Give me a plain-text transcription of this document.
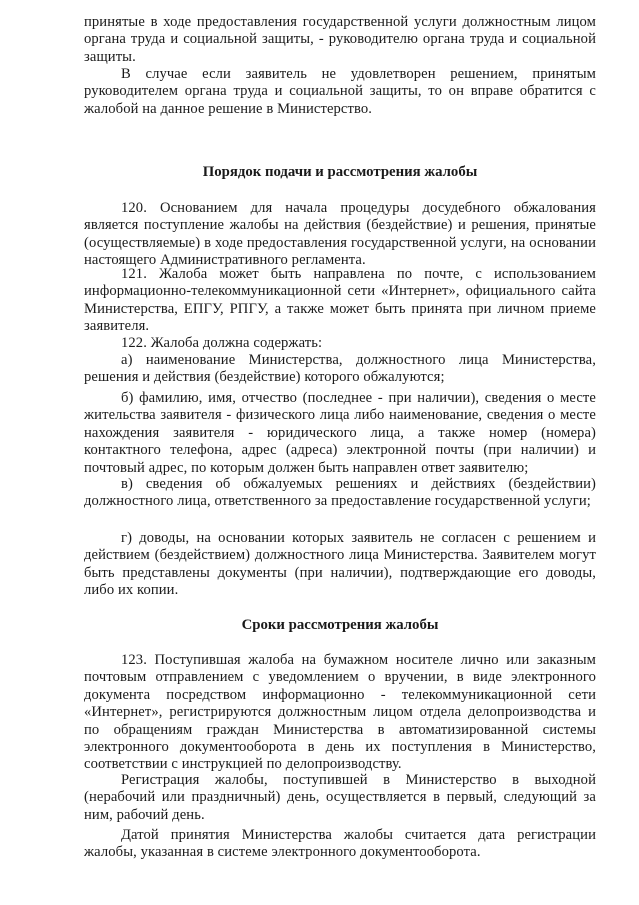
принятые в ходе предоставления государственной услуги должностным лицом органа труда и социальной защиты, - руководителю органа труда и социальной защиты.

В случае если заявитель не удовлетворен решением, принятым руководителем органа труда и социальной защиты, то он вправе обратится с жалобой на данное решение в Министерство.

Порядок подачи и рассмотрения жалобы

120. Основанием для начала процедуры досудебного обжалования является поступление жалобы на действия (бездействие) и решения, принятые (осуществляемые) в ходе предоставления государственной услуги, на основании настоящего Административного регламента.

121. Жалоба может быть направлена по почте, с использованием информационно-телекоммуникационной сети «Интернет», официального сайта Министерства, ЕПГУ, РПГУ, а также может быть принята при личном приеме заявителя.

122. Жалоба должна содержать:

а) наименование Министерства, должностного лица Министерства, решения и действия (бездействие) которого обжалуются;

б) фамилию, имя, отчество (последнее - при наличии), сведения о месте жительства заявителя - физического лица либо наименование, сведения о месте нахождения заявителя - юридического лица, а также номер (номера) контактного телефона, адрес (адреса) электронной почты (при наличии) и почтовый адрес, по которым должен быть направлен ответ заявителю;

в) сведения об обжалуемых решениях и действиях (бездействии) должностного лица, ответственного за предоставление государственной услуги;

г) доводы, на основании которых заявитель не согласен с решением и действием (бездействием) должностного лица Министерства. Заявителем могут быть представлены документы (при наличии), подтверждающие его доводы, либо их копии.

Сроки рассмотрения жалобы

123. Поступившая жалоба на бумажном носителе лично или заказным почтовым отправлением с уведомлением о вручении, в виде электронного документа посредством информационно - телекоммуникационной сети «Интернет», регистрируются должностным лицом отдела делопроизводства и по обращениям граждан Министерства в автоматизированной системы электронного документооборота в день их поступления в Министерство, соответствии с инструкцией по делопроизводству.

Регистрация жалобы, поступившей в Министерство в выходной (нерабочий или праздничный) день, осуществляется в первый, следующий за ним, рабочий день.

Датой принятия Министерства жалобы считается дата регистрации жалобы, указанная в системе электронного документооборота.
